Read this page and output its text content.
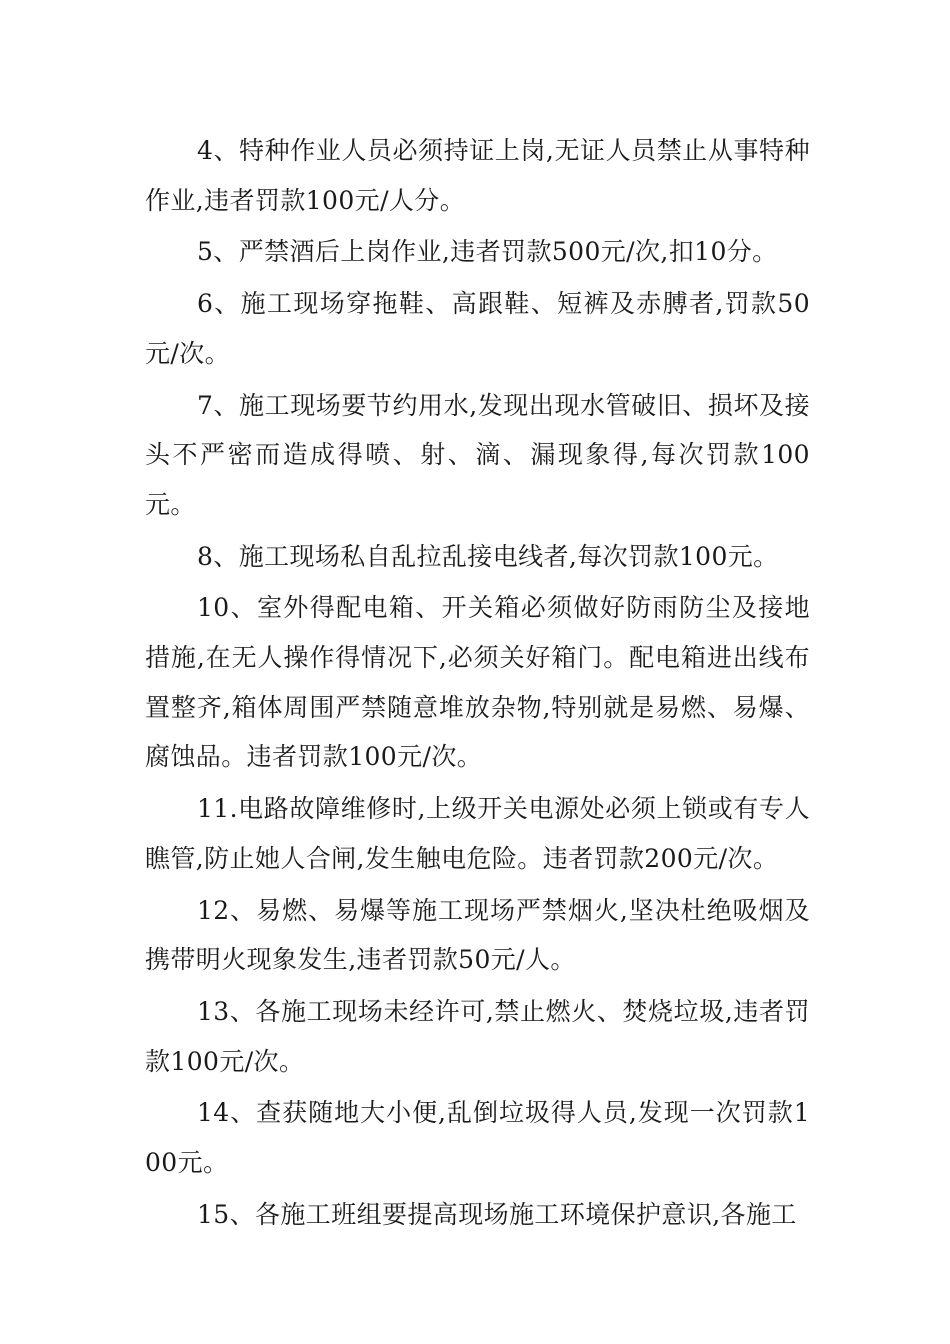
4、特种作业人员必须持证上岗,无证人员禁止从事特种作业,违者罚款100元/人分。

5、严禁酒后上岗作业,违者罚款500元/次,扣10分。

6、施工现场穿拖鞋、高跟鞋、短裤及赤膊者,罚款50元/次。

7、施工现场要节约用水,发现出现水管破旧、损坏及接头不严密而造成得喷、射、滴、漏现象得,每次罚款100元。

8、施工现场私自乱拉乱接电线者,每次罚款100元。

10、室外得配电箱、开关箱必须做好防雨防尘及接地措施,在无人操作得情况下,必须关好箱门。配电箱进出线布置整齐,箱体周围严禁随意堆放杂物,特别就是易燃、易爆、腐蚀品。违者罚款100元/次。

11.电路故障维修时,上级开关电源处必须上锁或有专人瞧管,防止她人合闸,发生触电危险。违者罚款200元/次。

12、易燃、易爆等施工现场严禁烟火,坚决杜绝吸烟及携带明火现象发生,违者罚款50元/人。

13、各施工现场未经许可,禁止燃火、焚烧垃圾,违者罚款100元/次。

14、查获随地大小便,乱倒垃圾得人员,发现一次罚款100元。

15、各施工班组要提高现场施工环境保护意识,各施工
